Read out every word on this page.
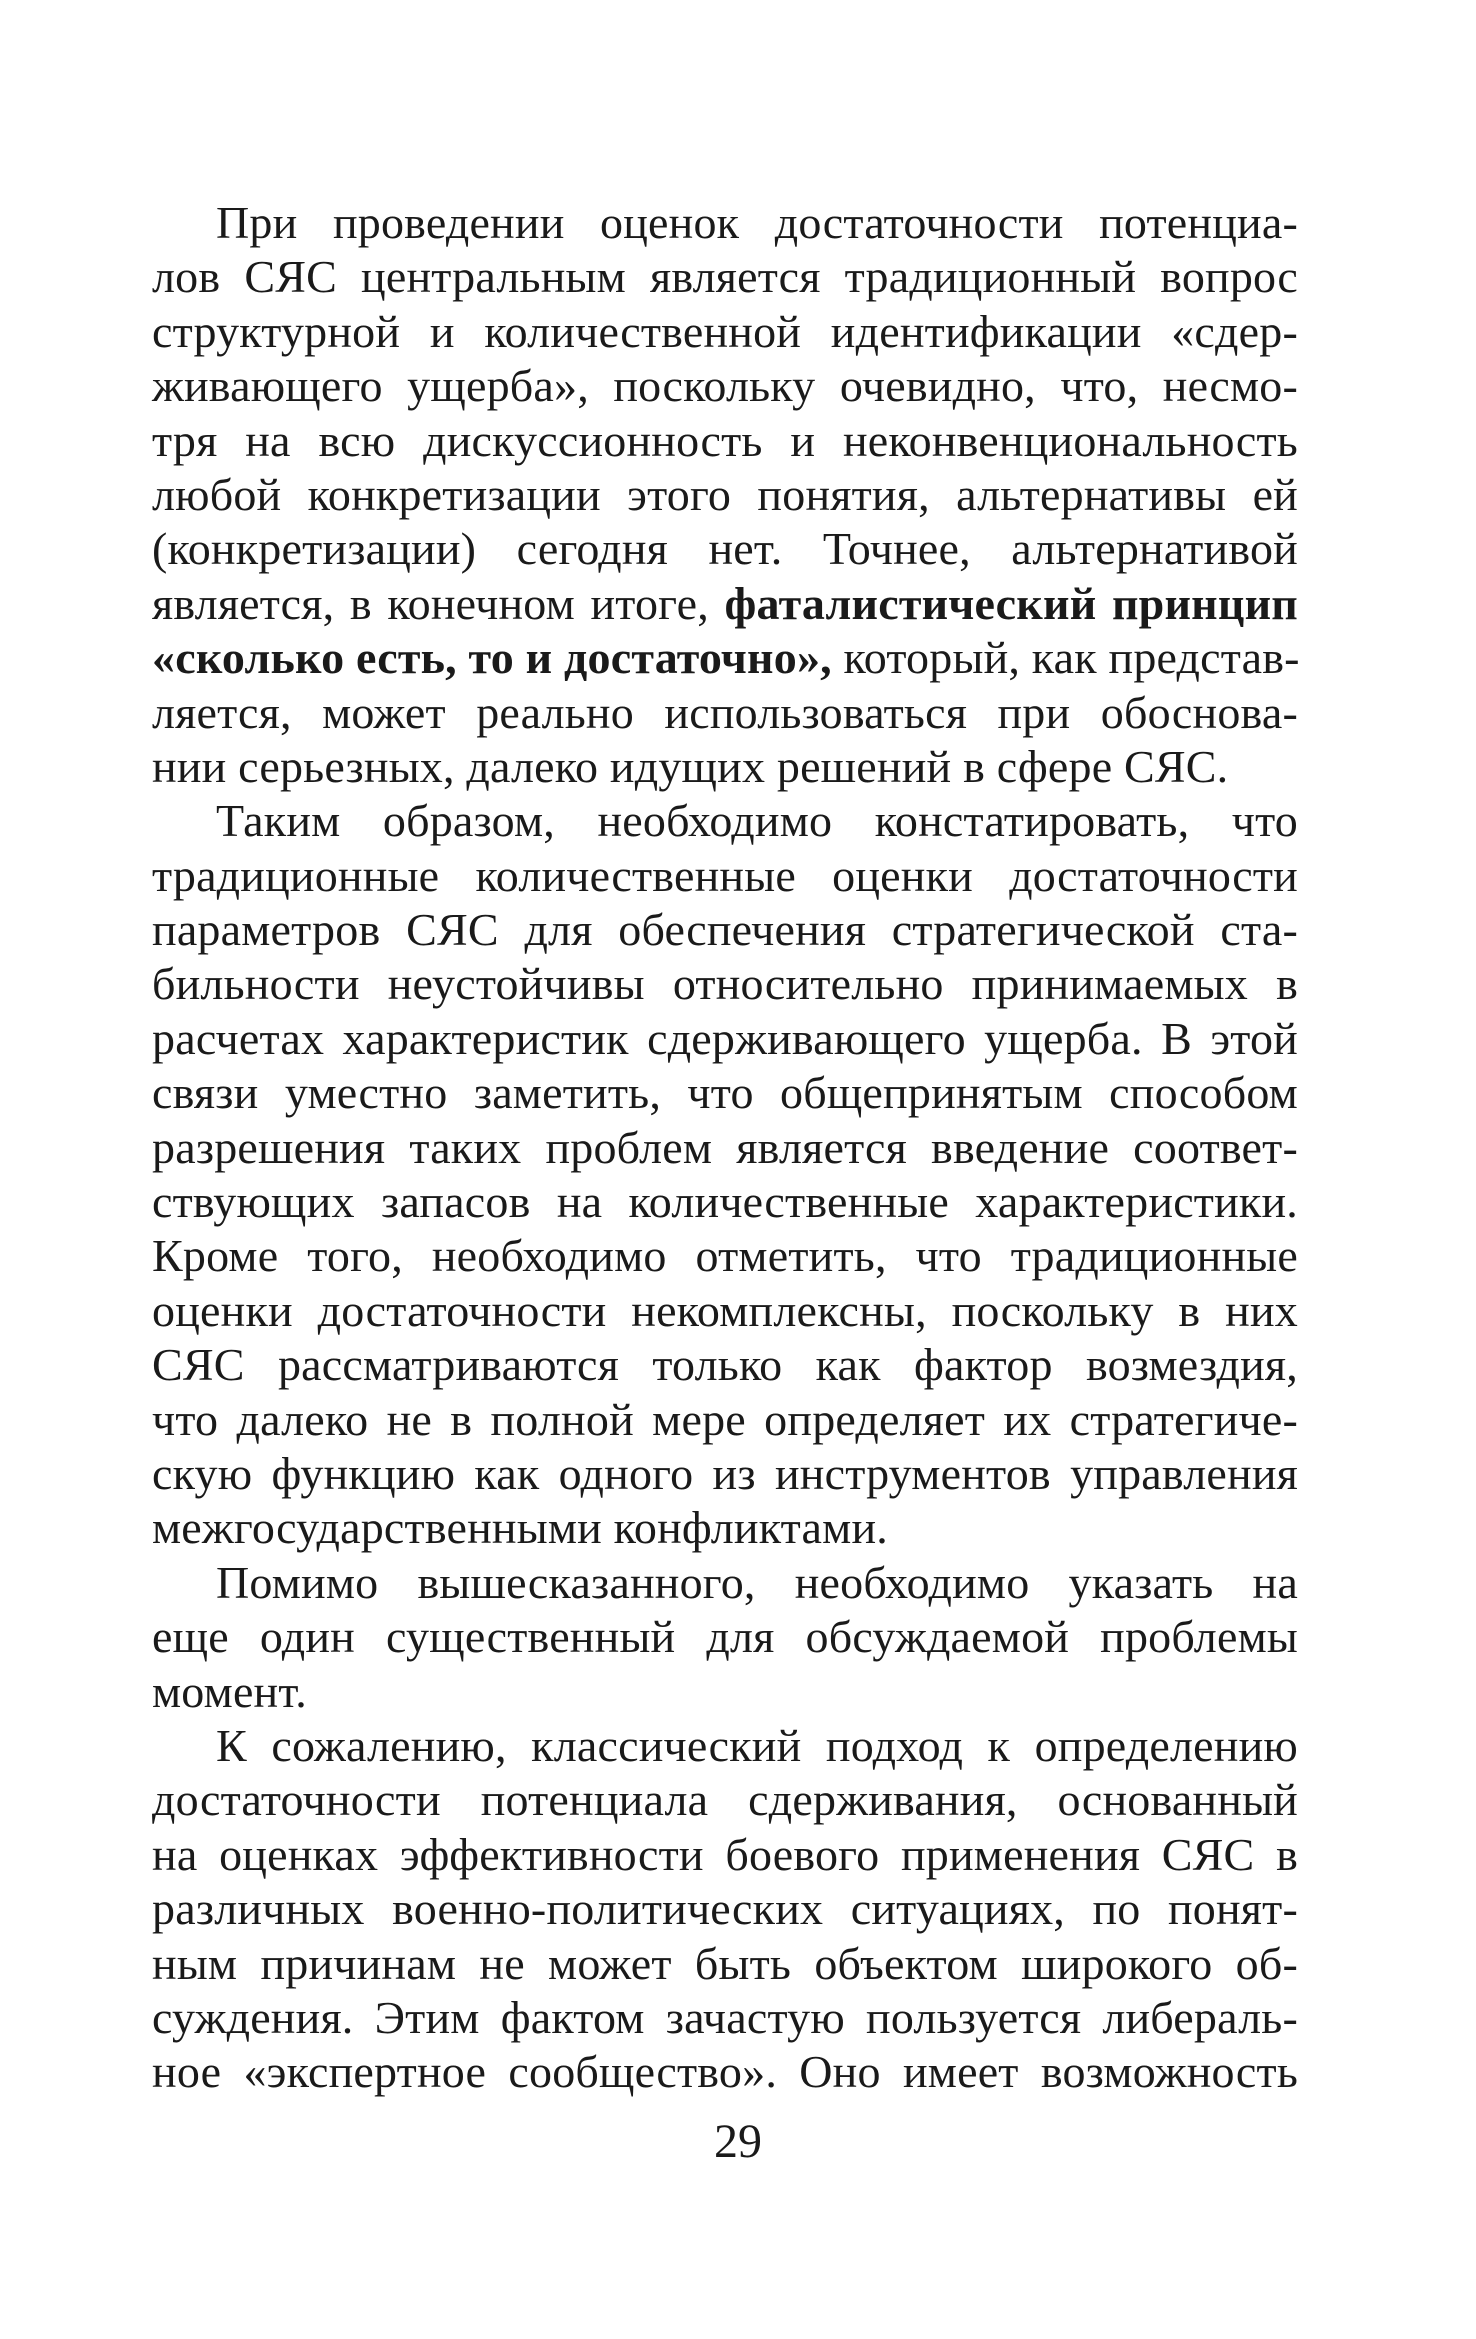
При проведении оценок достаточности потенциа-
лов СЯС центральным является традиционный вопрос
структурной и количественной идентификации «сдер-
живающего ущерба», поскольку очевидно, что, несмо-
тря на всю дискуссионность и неконвенциональность
любой конкретизации этого понятия, альтернативы ей
(конкретизации) сегодня нет. Точнее, альтернативой
является, в конечном итоге, фаталистический принцип
«сколько есть, то и достаточно», который, как представ-
ляется, может реально использоваться при обоснова-
нии серьезных, далеко идущих решений в сфере СЯС.
Таким образом, необходимо констатировать, что
традиционные количественные оценки достаточности
параметров СЯС для обеспечения стратегической ста-
бильности неустойчивы относительно принимаемых в
расчетах характеристик сдерживающего ущерба. В этой
связи уместно заметить, что общепринятым способом
разрешения таких проблем является введение соответ-
ствующих запасов на количественные характеристики.
Кроме того, необходимо отметить, что традиционные
оценки достаточности некомплексны, поскольку в них
СЯС рассматриваются только как фактор возмездия,
что далеко не в полной мере определяет их стратегиче-
скую функцию как одного из инструментов управления
межгосударственными конфликтами.
Помимо вышесказанного, необходимо указать на
еще один существенный для обсуждаемой проблемы
момент.
К сожалению, классический подход к определению
достаточности потенциала сдерживания, основанный
на оценках эффективности боевого применения СЯС в
различных военно-политических ситуациях, по понят-
ным причинам не может быть объектом широкого об-
суждения. Этим фактом зачастую пользуется либераль-
ное «экспертное сообщество». Оно имеет возможность
29
